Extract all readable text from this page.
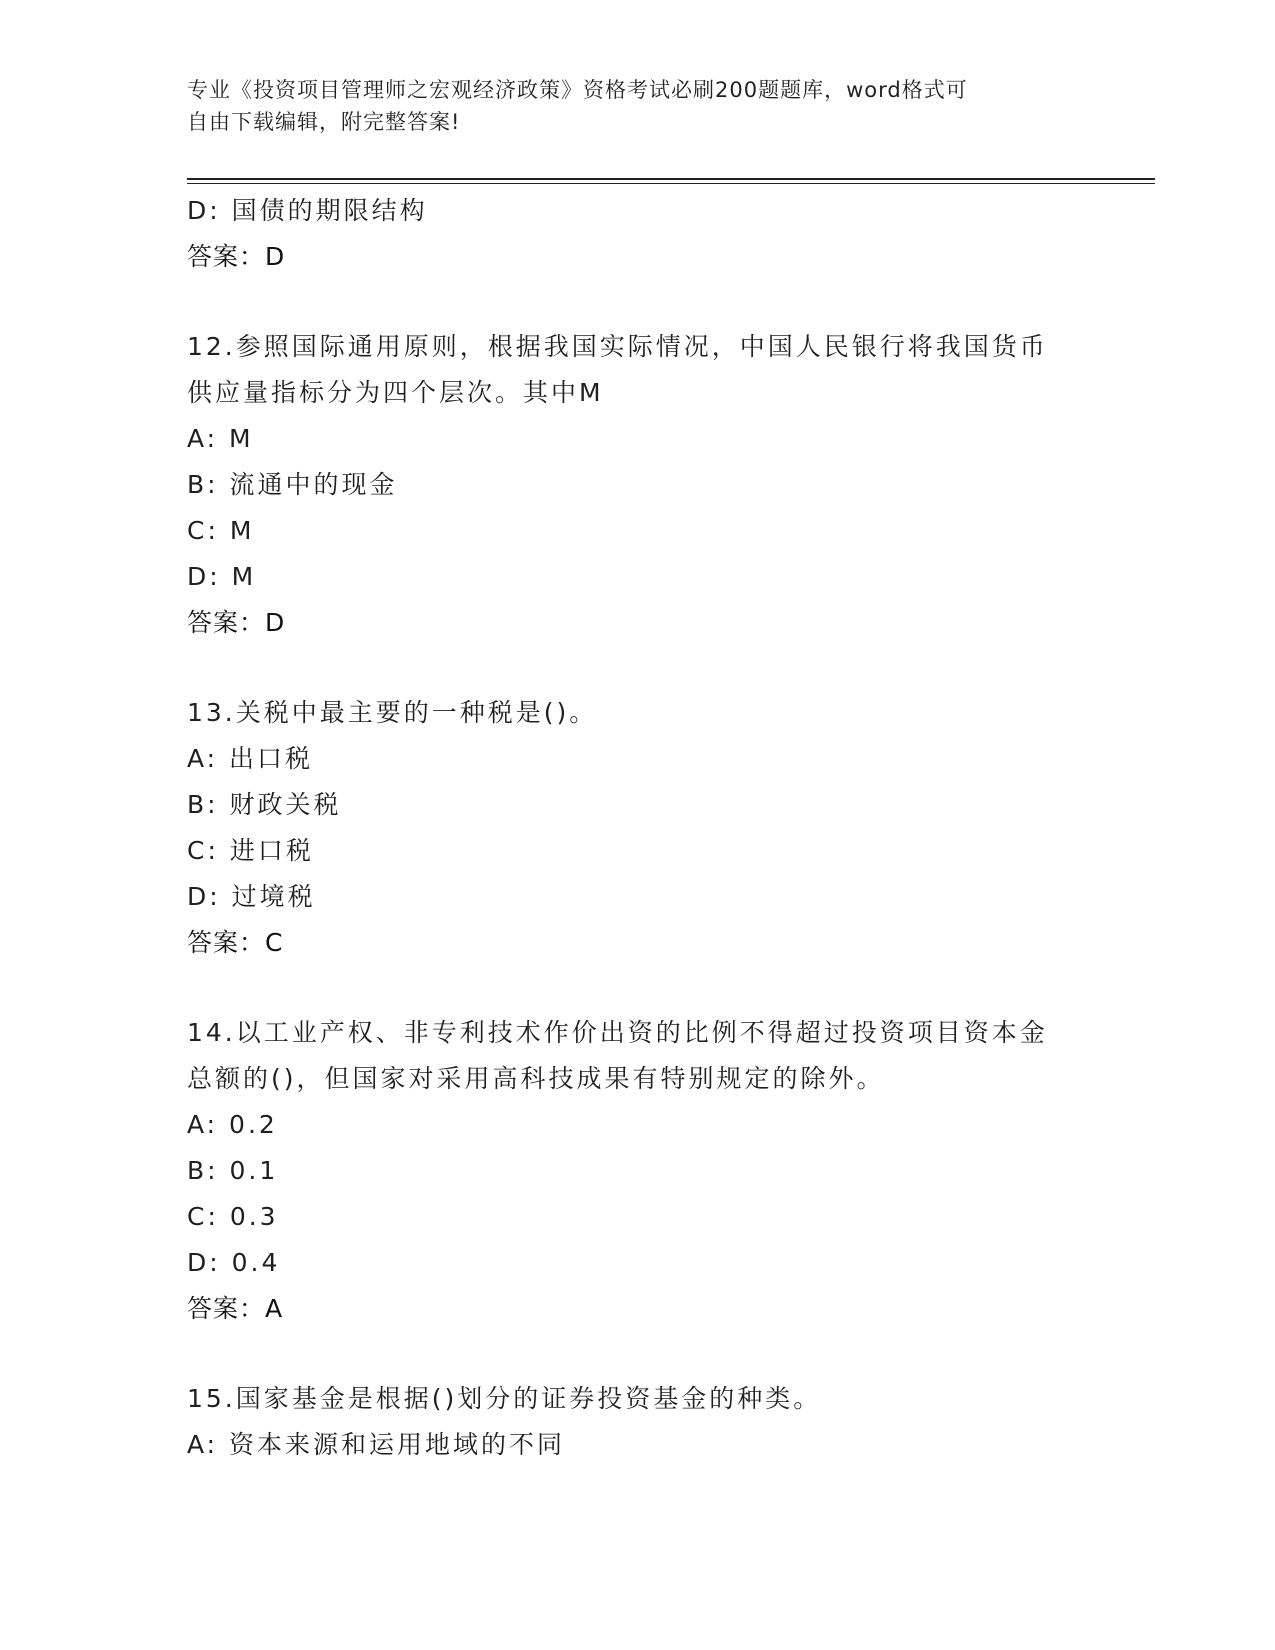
专业《投资项目管理师之宏观经济政策》资格考试必刷200题题库，word格式可
自由下载编辑，附完整答案!
D: 国债的期限结构
答案：D
12.参照国际通用原则，根据我国实际情况，中国人民银行将我国货币
供应量指标分为四个层次。其中M
A: M
B: 流通中的现金
C: M
D: M
答案：D
13.关税中最主要的一种税是()。
A: 出口税
B: 财政关税
C: 进口税
D: 过境税
答案：C
14.以工业产权、非专利技术作价出资的比例不得超过投资项目资本金
总额的()，但国家对采用高科技成果有特别规定的除外。
A: 0.2
B: 0.1
C: 0.3
D: 0.4
答案：A
15.国家基金是根据()划分的证券投资基金的种类。
A: 资本来源和运用地域的不同
